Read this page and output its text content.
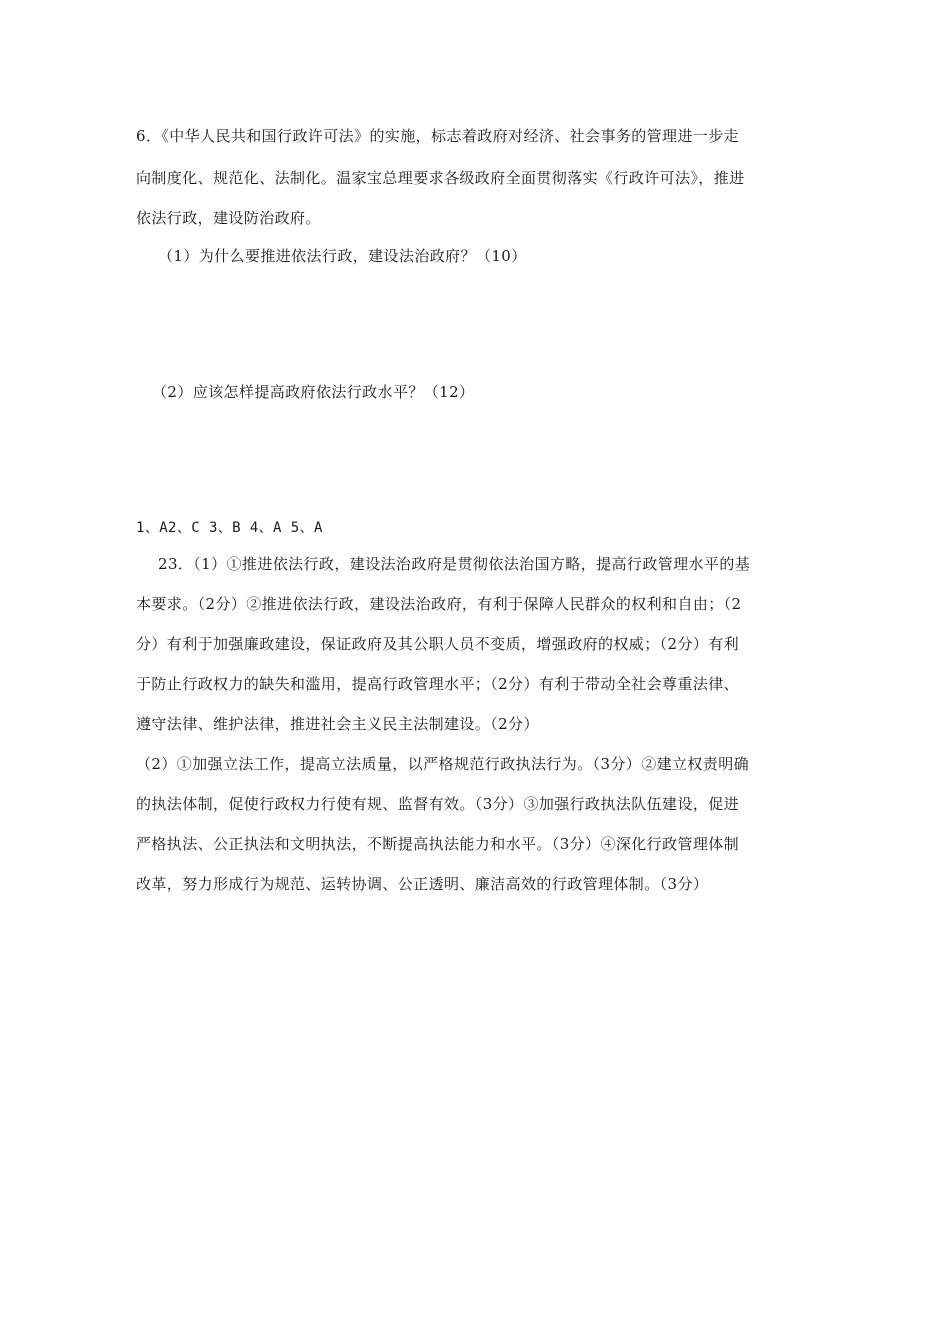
6．《中华人民共和国行政许可法》的实施，标志着政府对经济、社会事务的管理进一步走
向制度化、规范化、法制化。温家宝总理要求各级政府全面贯彻落实《行政许可法》，推进
依法行政，建设防治政府。
（1）为什么要推进依法行政，建设法治政府？（10）
（2）应该怎样提高政府依法行政水平？（12）
1、A2、C 3、B 4、A 5、A
23．（1）①推进依法行政，建设法治政府是贯彻依法治国方略，提高行政管理水平的基
本要求。（2分）②推进依法行政，建设法治政府，有利于保障人民群众的权利和自由；（2
分）有利于加强廉政建设，保证政府及其公职人员不变质，增强政府的权威；（2分）有利
于防止行政权力的缺失和滥用，提高行政管理水平；（2分）有利于带动全社会尊重法律、
遵守法律、维护法律，推进社会主义民主法制建设。（2分）
（2）①加强立法工作，提高立法质量，以严格规范行政执法行为。（3分）②建立权责明确
的执法体制，促使行政权力行使有规、监督有效。（3分）③加强行政执法队伍建设，促进
严格执法、公正执法和文明执法，不断提高执法能力和水平。（3分）④深化行政管理体制
改革，努力形成行为规范、运转协调、公正透明、廉洁高效的行政管理体制。（3分）
